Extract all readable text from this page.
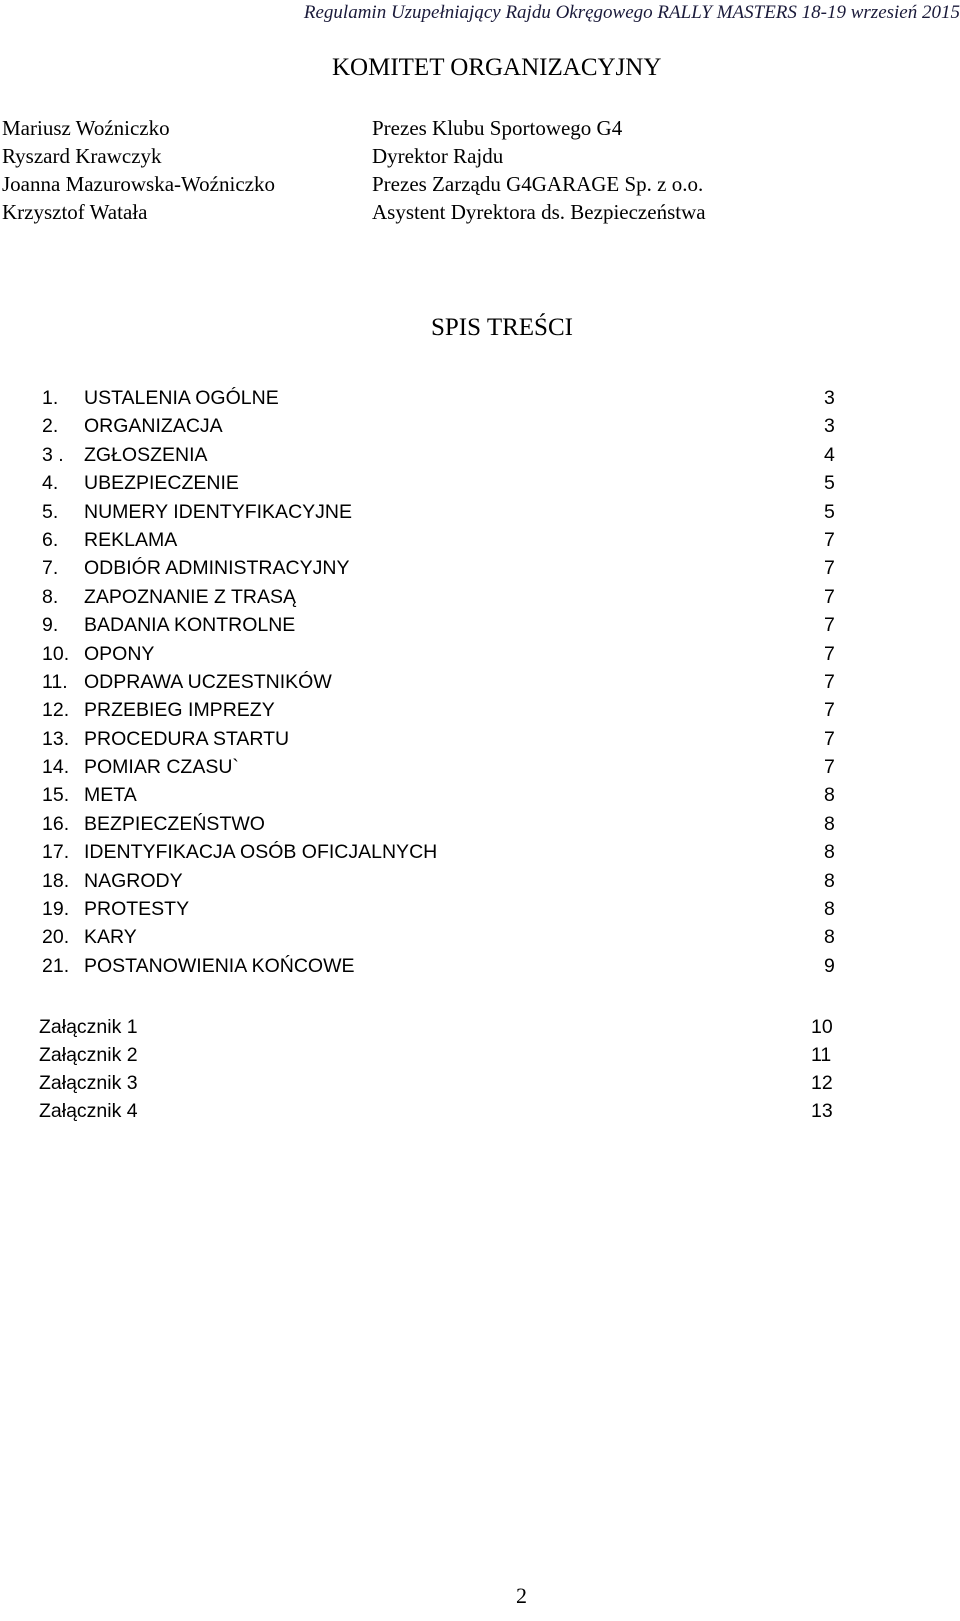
Regulamin Uzupełniający Rajdu Okręgowego RALLY MASTERS 18-19 wrzesień 2015
KOMITET ORGANIZACYJNY
Mariusz Woźniczko	Prezes Klubu Sportowego G4
Ryszard Krawczyk	Dyrektor Rajdu
Joanna Mazurowska-Woźniczko	Prezes Zarządu G4GARAGE Sp. z o.o.
Krzysztof Watała	Asystent Dyrektora ds. Bezpieczeństwa
SPIS TREŚCI
1. USTALENIA OGÓLNE	3
2. ORGANIZACJA	3
3 . ZGŁOSZENIA	4
4. UBEZPIECZENIE	5
5. NUMERY IDENTYFIKACYJNE	5
6. REKLAMA	7
7. ODBIÓR ADMINISTRACYJNY	7
8. ZAPOZNANIE Z TRASĄ	7
9. BADANIA KONTROLNE	7
10. OPONY	7
11. ODPRAWA UCZESTNIKÓW	7
12. PRZEBIEG IMPREZY	7
13. PROCEDURA STARTU	7
14. POMIAR CZASU`	7
15. META	8
16. BEZPIECZEŃSTWO	8
17. IDENTYFIKACJA OSÓB OFICJALNYCH	8
18. NAGRODY	8
19. PROTESTY	8
20. KARY	8
21. POSTANOWIENIA KOŃCOWE	9
Załącznik 1	10
Załącznik 2	11
Załącznik 3	12
Załącznik 4	13
2
